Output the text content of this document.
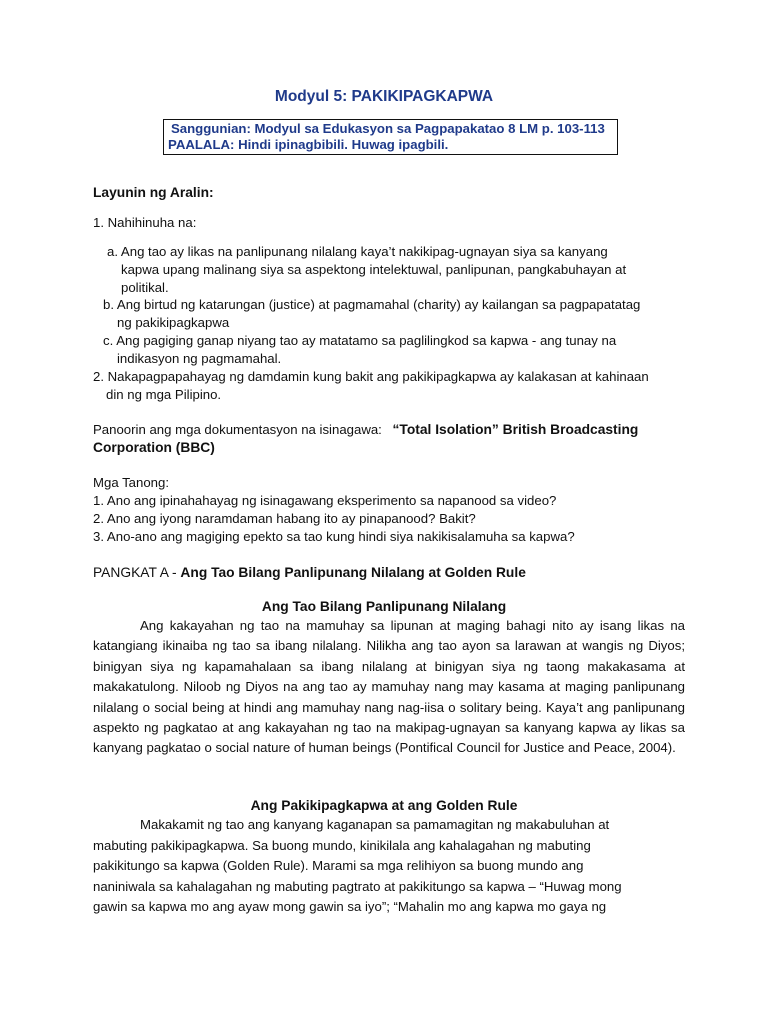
Modyul 5: PAKIKIPAGKAPWA
Sanggunian: Modyul sa Edukasyon sa Pagpapakatao 8 LM p. 103-113
PAALALA: Hindi ipinagbibili. Huwag ipagbili.
Layunin ng Aralin:
1. Nahihinuha na:
a. Ang tao ay likas na panlipunang nilalang kaya’t nakikipag-ugnayan siya sa kanyang
kapwa upang malinang siya sa aspektong intelektuwal, panlipunan, pangkabuhayan at
politikal.
b. Ang birtud ng katarungan (justice) at pagmamahal (charity) ay kailangan sa pagpapatatag
ng pakikipagkapwa
c. Ang pagiging ganap niyang tao ay matatamo sa paglilingkod sa kapwa - ang tunay na
indikasyon ng pagmamahal.
2. Nakapagpapahayag ng damdamin kung bakit ang pakikipagkapwa ay kalakasan at kahinaan
din ng mga Pilipino.
Panoorin ang mga dokumentasyon na isinagawa: “Total Isolation” British Broadcasting
Corporation (BBC)
Mga Tanong:
1. Ano ang ipinahahayag ng isinagawang eksperimento sa napanood sa video?
2. Ano ang iyong naramdaman habang ito ay pinapanood? Bakit?
3. Ano-ano ang magiging epekto sa tao kung hindi siya nakikisalamuha sa kapwa?
PANGKAT A - Ang Tao Bilang Panlipunang Nilalang at Golden Rule
Ang Tao Bilang Panlipunang Nilalang
Ang kakayahan ng tao na mamuhay sa lipunan at maging bahagi nito ay isang likas na katangiang ikinaiba ng tao sa ibang nilalang. Nilikha ang tao ayon sa larawan at wangis ng Diyos; binigyan siya ng kapamahalaan sa ibang nilalang at binigyan siya ng taong makakasama at makakatulong. Niloob ng Diyos na ang tao ay mamuhay nang may kasama at maging panlipunang nilalang o social being at hindi ang mamuhay nang nag-iisa o solitary being. Kaya’t ang panlipunang aspekto ng pagkatao at ang kakayahan ng tao na makipag-ugnayan sa kanyang kapwa ay likas sa kanyang pagkatao o social nature of human beings (Pontifical Council for Justice and Peace, 2004).
Ang Pakikipagkapwa at ang Golden Rule
Makakamit ng tao ang kanyang kaganapan sa pamamagitan ng makabuluhan at
mabuting pakikipagkapwa. Sa buong mundo, kinikilala ang kahalagahan ng mabuting
pakikitungo sa kapwa (Golden Rule). Marami sa mga relihiyon sa buong mundo ang
naniniwala sa kahalagahan ng mabuting pagtrato at pakikitungo sa kapwa – “Huwag mong
gawin sa kapwa mo ang ayaw mong gawin sa iyo”; “Mahalin mo ang kapwa mo gaya ng
